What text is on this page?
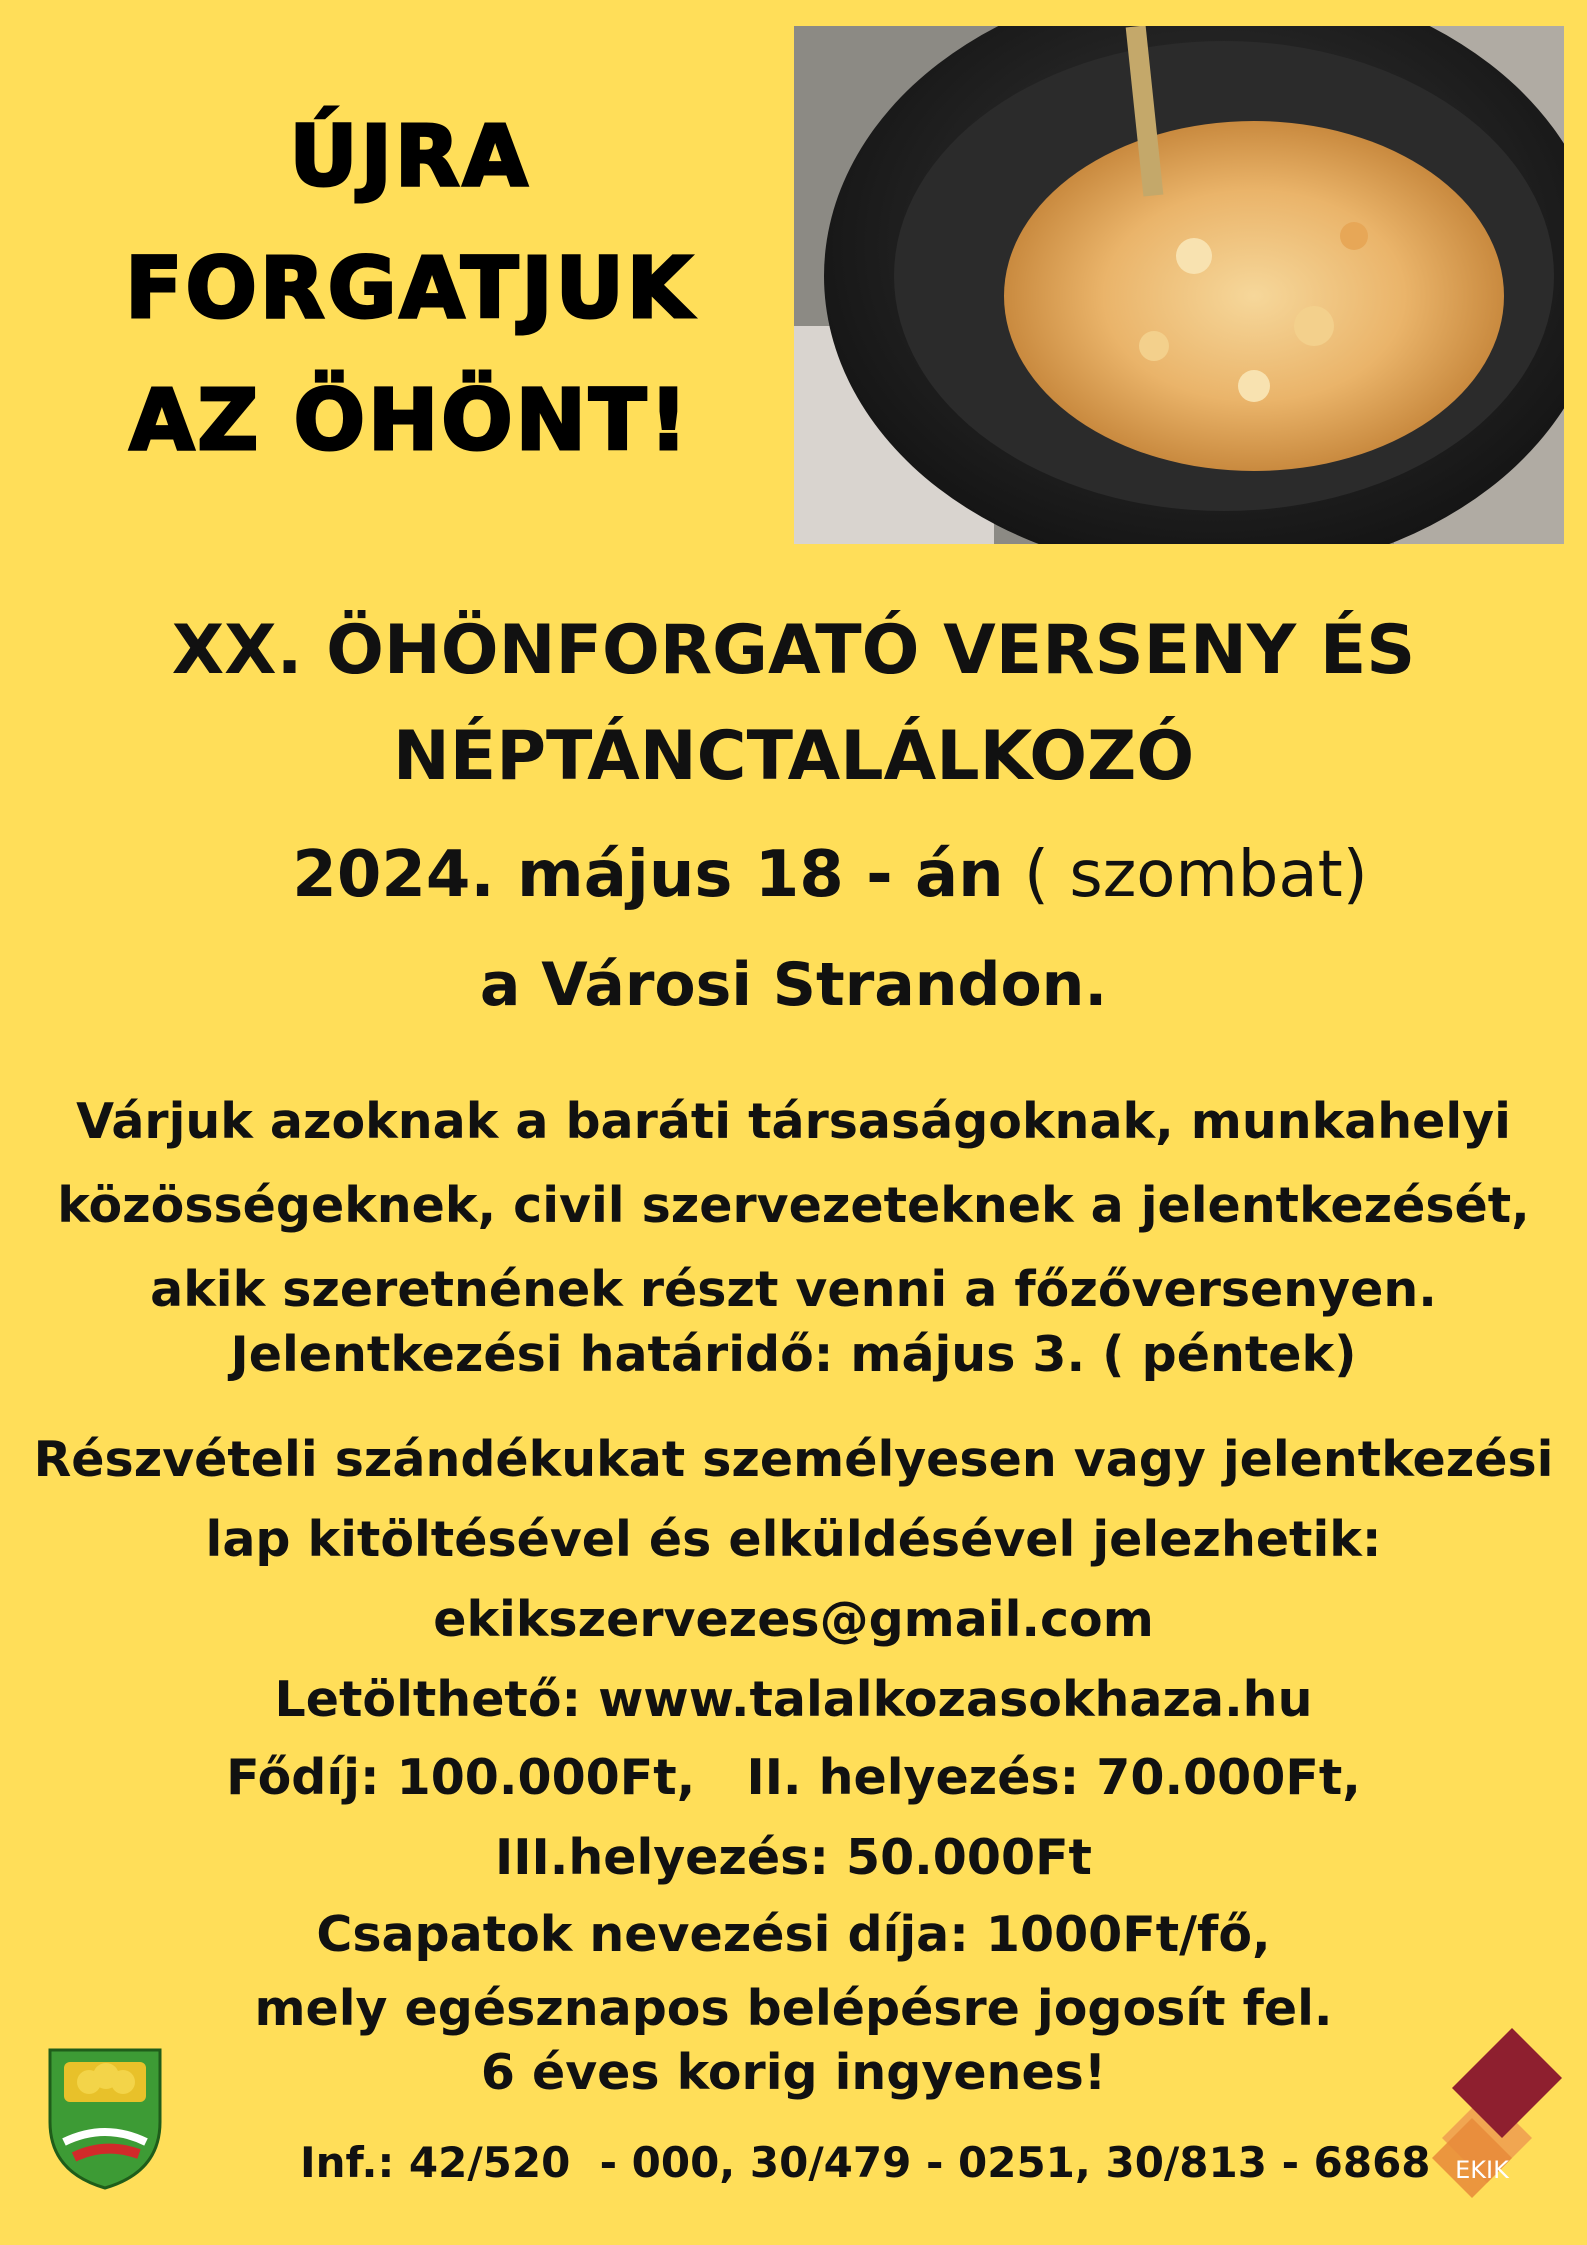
ÚJRA
FORGATJUK
AZ ÖHÖNT!
XX. ÖHÖNFORGATÓ VERSENY ÉS
NÉPTÁNCTALÁLKOZÓ
2024. május 18 - án ( szombat)
a Városi Strandon.
Várjuk azoknak a baráti társaságoknak, munkahelyi
közösségeknek, civil szervezeteknek a jelentkezését,
akik szeretnének részt venni a főzőversenyen.
Jelentkezési határidő: május 3. ( péntek)
Részvételi szándékukat személyesen vagy jelentkezési
lap kitöltésével és elküldésével jelezhetik:
ekikszervezes@gmail.com
Letölthető: www.talalkozasokhaza.hu
Fődíj: 100.000Ft,   II. helyezés: 70.000Ft,
III.helyezés: 50.000Ft
Csapatok nevezési díja: 1000Ft/fő,
mely egésznapos belépésre jogosít fel.
6 éves korig ingyenes!
Inf.: 42/520  - 000, 30/479 - 0251, 30/813 - 6868 EKIK
